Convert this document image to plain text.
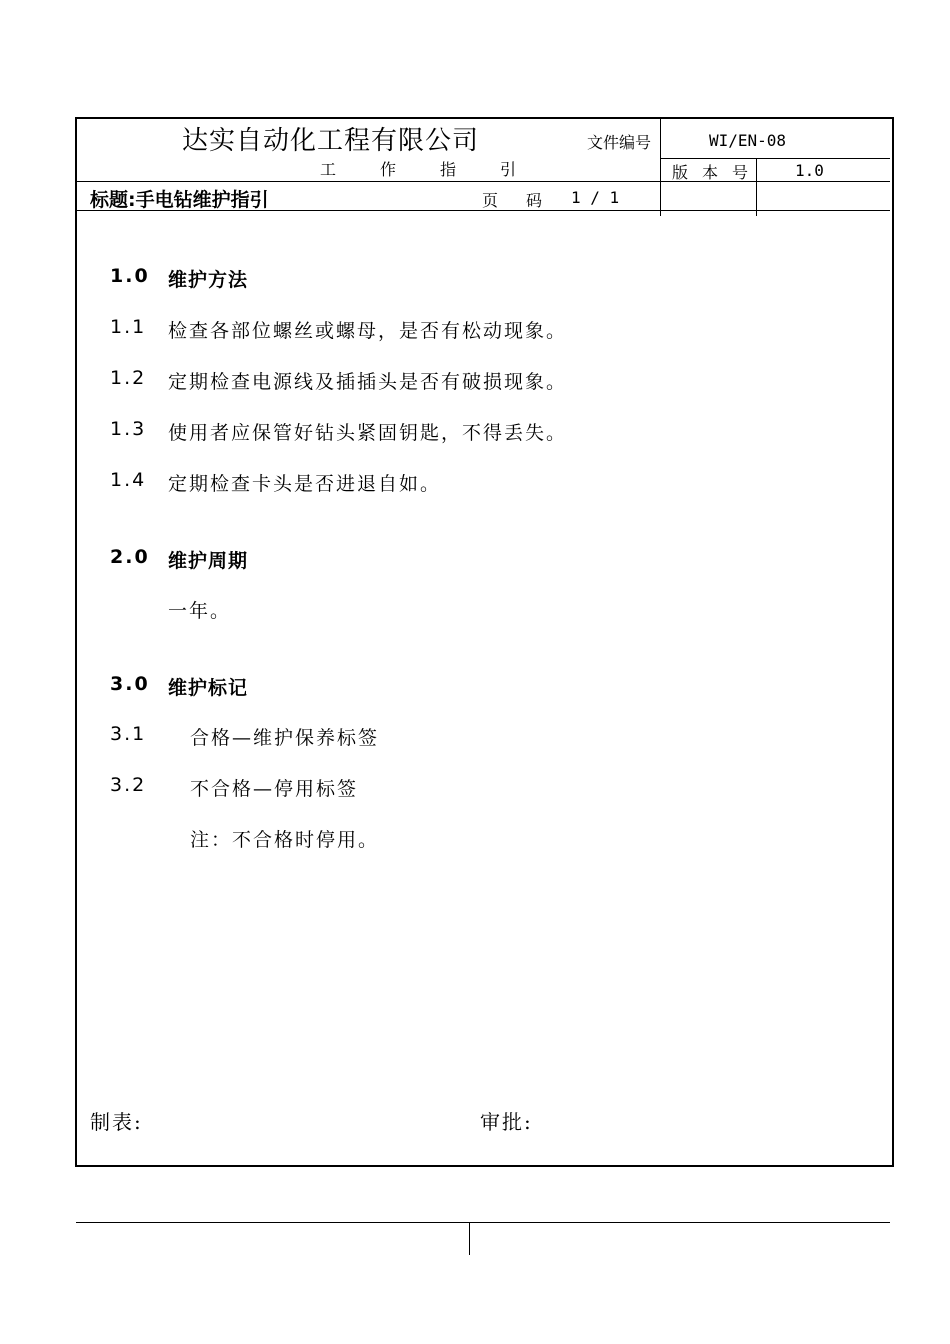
达实自动化工程有限公司
工作指引
文件编号	WI/EN-08
版本号 1.0
标题:手电钻维护指引	页码 1 / 1
1.0 维护方法
1.1 检查各部位螺丝或螺母，是否有松动现象。
1.2 定期检查电源线及插插头是否有破损现象。
1.3 使用者应保管好钻头紧固钥匙，不得丢失。
1.4 定期检查卡头是否进退自如。
2.0 维护周期
一年。
3.0 维护标记
3.1 合格—维护保养标签
3.2 不合格—停用标签
注：不合格时停用。
制表:	审批:
